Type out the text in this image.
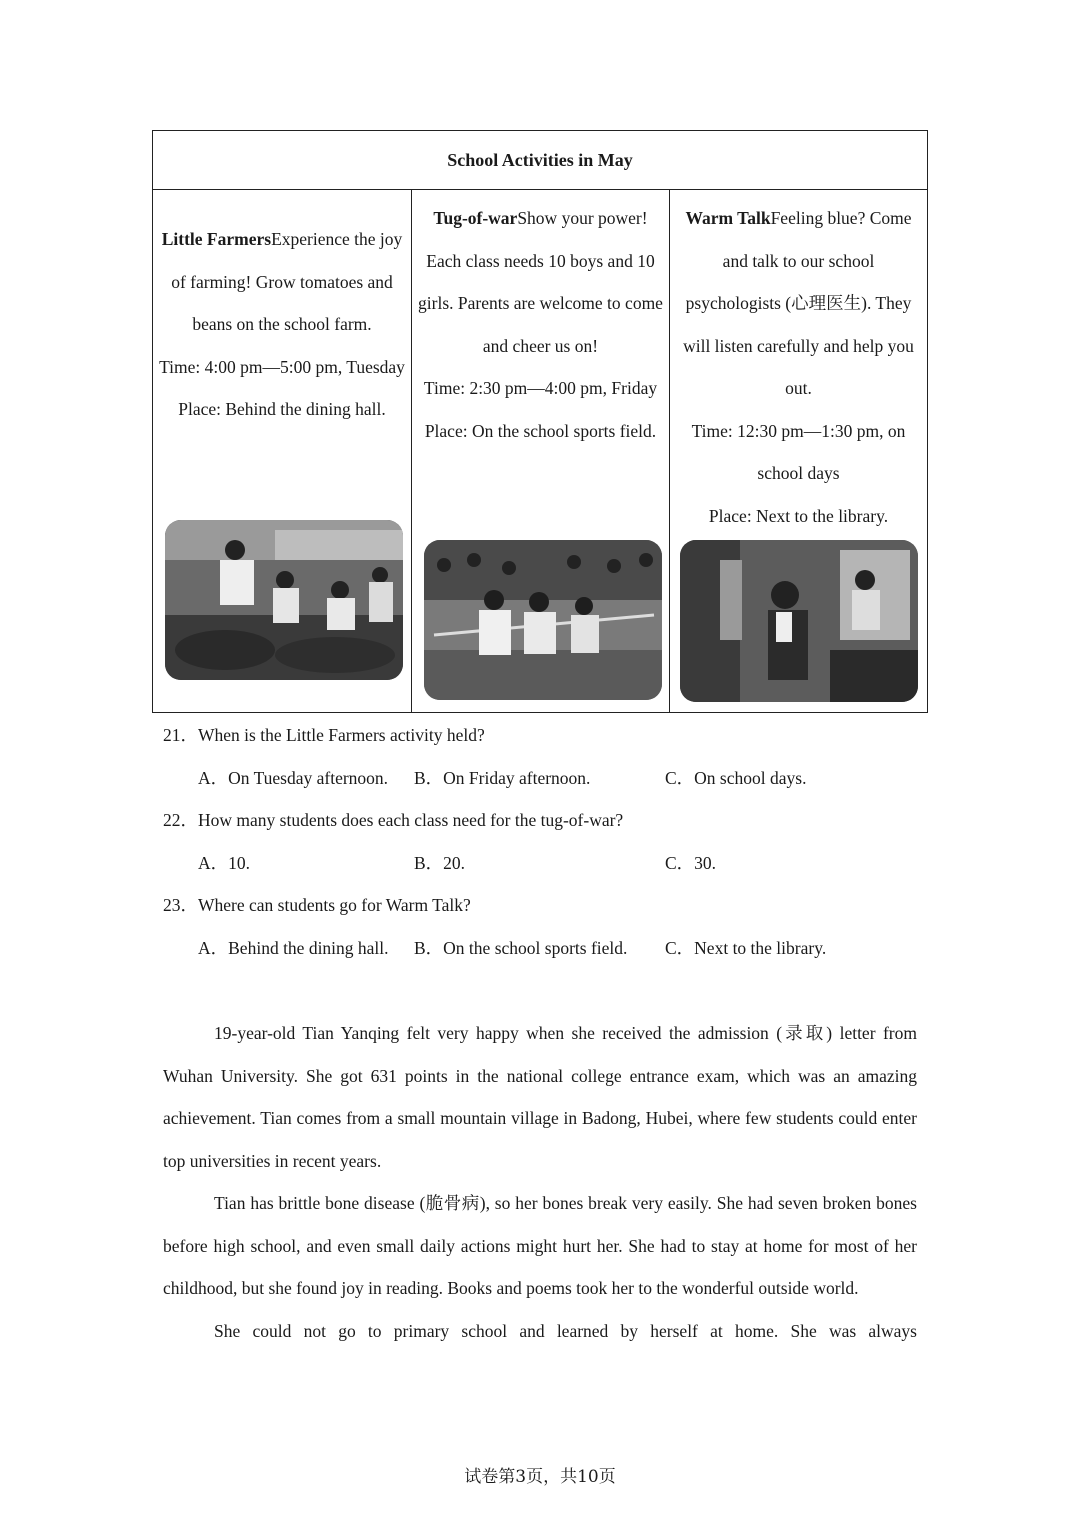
School Activities in May
Little FarmersExperience the joy of farming! Grow tomatoes and beans on the school farm.
Time: 4:00 pm—5:00 pm, Tuesday
Place: Behind the dining hall.
Tug-of-warShow your power! Each class needs 10 boys and 10 girls. Parents are welcome to come and cheer us on!
Time: 2:30 pm—4:00 pm, Friday
Place: On the school sports field.
Warm TalkFeeling blue? Come and talk to our school psychologists (心理医生). They will listen carefully and help you out.
Time: 12:30 pm—1:30 pm, on school days
Place: Next to the library.
21．When is the Little Farmers activity held?
A．On Tuesday afternoon. B．On Friday afternoon.	C．On school days.
22．How many students does each class need for the tug-of-war?
A．10.	B．20.	C．30.
23．Where can students go for Warm Talk?
A．Behind the dining hall. B．On the school sports field. C．Next to the library.

19-year-old Tian Yanqing felt very happy when she received the admission (录取) letter from Wuhan University. She got 631 points in the national college entrance exam, which was an amazing achievement. Tian comes from a small mountain village in Badong, Hubei, where few students could enter top universities in recent years.

Tian has brittle bone disease (脆骨病), so her bones break very easily. She had seven broken bones before high school, and even small daily actions might hurt her. She had to stay at home for most of her childhood, but she found joy in reading. Books and poems took her to the wonderful outside world.

She could not go to primary school and learned by herself at home. She was always

试卷第3页，共10页
